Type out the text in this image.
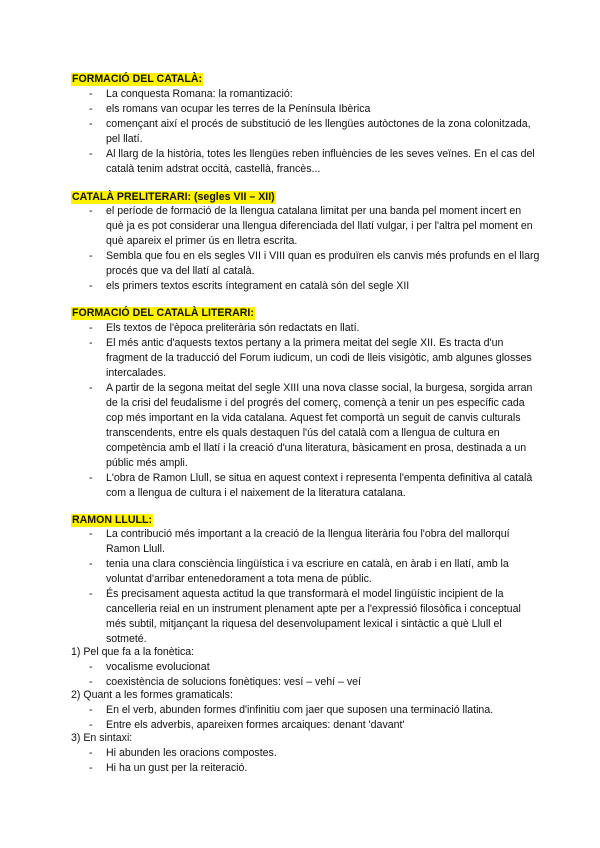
FORMACIÓ DEL CATALÀ:
- La conquesta Romana: la romantizació:
- els romans van ocupar les terres de la Península Ibèrica
- començant així el procés de substitució de les llengües autòctones de la zona colonitzada, pel llatí.
- Al llarg de la història, totes les llengües reben influències de les seves veïnes. En el cas del català tenim adstrat occità, castellà, francès...
CATALÀ PRELITERARI: (segles VII – XII)
- el període de formació de la llengua catalana limitat per una banda pel moment incert en què ja es pot considerar una llengua diferenciada del llatí vulgar, i per l'altra pel moment en què apareix el primer ús en lletra escrita.
- Sembla que fou en els segles VII i VIII quan es produïren els canvis més profunds en el llarg procés que va del llatí al català.
- els primers textos escrits íntegrament en català són del segle XII
FORMACIÓ DEL CATALÀ LITERARI:
- Els textos de l'època preliterària són redactats en llatí.
- El més antic d'aquests textos pertany a la primera meitat del segle XII. Es tracta d'un fragment de la traducció del Forum iudicum, un codi de lleis visigòtic, amb algunes glosses intercalades.
- A partir de la segona meitat del segle XIII una nova classe social, la burgesa, sorgida arran de la crisi del feudalisme i del progrés del comerç, començà a tenir un pes específic cada cop més important en la vida catalana. Aquest fet comportà un seguit de canvis culturals transcendents, entre els quals destaquen l'ús del català com a llengua de cultura en competència amb el llatí i la creació d'una literatura, bàsicament en prosa, destinada a un públic més ampli.
- L'obra de Ramon Llull, se situa en aquest context i representa l'empenta definitiva al català com a llengua de cultura i el naixement de la literatura catalana.
RAMON LLULL:
- La contribució més important a la creació de la llengua literària fou l'obra del mallorquí Ramon Llull.
- tenia una clara consciència lingüística i va escriure en català, en àrab i en llatí, amb la voluntat d'arribar entenedorament a tota mena de públic.
- És precisament aquesta actitud la que transformarà el model lingüístic incipient de la cancelleria reial en un instrument plenament apte per a l'expressió filosòfica i conceptual més subtil, mitjançant la riquesa del desenvolupament lexical i sintàctic a què Llull el sotmeté.
1) Pel que fa a la fonètica:
- vocalisme evolucionat
- coexistència de solucions fonètiques: vesí – vehí – veí
2) Quant a les formes gramaticals:
- En el verb, abunden formes d'infinitiu com jaer que suposen una terminació llatina.
- Entre els adverbis, apareixen formes arcaiques: denant 'davant'
3) En sintaxi:
- Hi abunden les oracions compostes.
- Hi ha un gust per la reiteració.
